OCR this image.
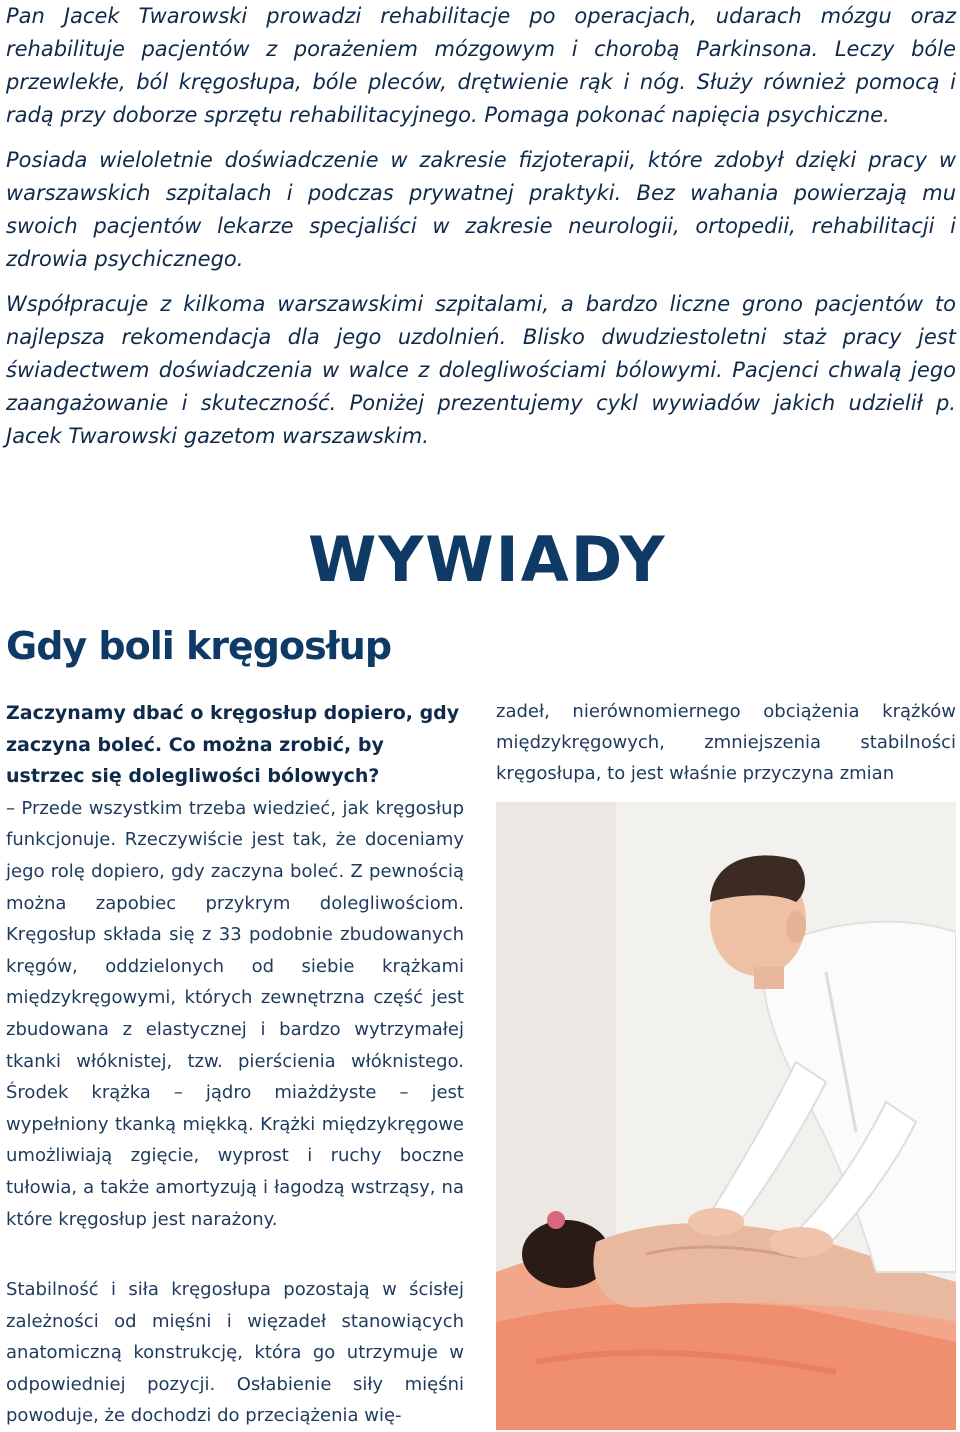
Pan Jacek Twarowski prowadzi rehabilitacje po operacjach, udarach mózgu oraz rehabilituje pacjentów z porażeniem mózgowym i chorobą Parkinsona. Leczy bóle przewlekłe, ból kręgosłupa, bóle pleców, drętwienie rąk i nóg. Służy również pomocą i radą przy doborze sprzętu rehabilitacyjnego. Pomaga pokonać napięcia psychiczne.

Posiada wieloletnie doświadczenie w zakresie fizjoterapii, które zdobył dzięki pracy w warszawskich szpitalach i podczas prywatnej praktyki. Bez wahania powierzają mu swoich pacjentów lekarze specjaliści w zakresie neurologii, ortopedii, rehabilitacji i zdrowia psychicznego.

Współpracuje z kilkoma warszawskimi szpitalami, a bardzo liczne grono pacjentów to najlepsza rekomendacja dla jego uzdolnień. Blisko dwudziestoletni staż pracy jest świadectwem doświadczenia w walce z dolegliwościami bólowymi. Pacjenci chwalą jego zaangażowanie i skuteczność. Poniżej prezentujemy cykl wywiadów jakich udzielił p. Jacek Twarowski gazetom warszawskim.

WYWIADY
Gdy boli kręgosłup

Zaczynamy dbać o kręgosłup dopiero, gdy zaczyna boleć. Co można zrobić, by ustrzec się dolegliwości bólowych?

– Przede wszystkim trzeba wiedzieć, jak kręgosłup funkcjonuje. Rzeczywiście jest tak, że doceniamy jego rolę dopiero, gdy zaczyna boleć. Z pewnością można zapobiec przykrym dolegliwościom. Kręgosłup składa się z 33 podobnie zbudowanych kręgów, oddzielonych od siebie krążkami międzykręgowymi, których zewnętrzna część jest zbudowana z elastycznej i bardzo wytrzymałej tkanki włóknistej, tzw. pierścienia włóknistego. Środek krążka – jądro miażdżyste – jest wypełniony tkanką miękką. Krążki międzykręgowe umożliwiają zgięcie, wyprost i ruchy boczne tułowia, a także amortyzują i łagodzą wstrząsy, na które kręgosłup jest narażony.

Stabilność i siła kręgosłupa pozostają w ścisłej zależności od mięśni i więzadeł stanowiących anatomiczną konstrukcję, która go utrzymuje w odpowiedniej pozycji. Osłabienie siły mięśni powoduje, że dochodzi do przeciążenia wię-

zadeł, nierównomiernego obciążenia krążków międzykręgowych, zmniejszenia stabilności kręgosłupa, to jest właśnie przyczyna zmian
